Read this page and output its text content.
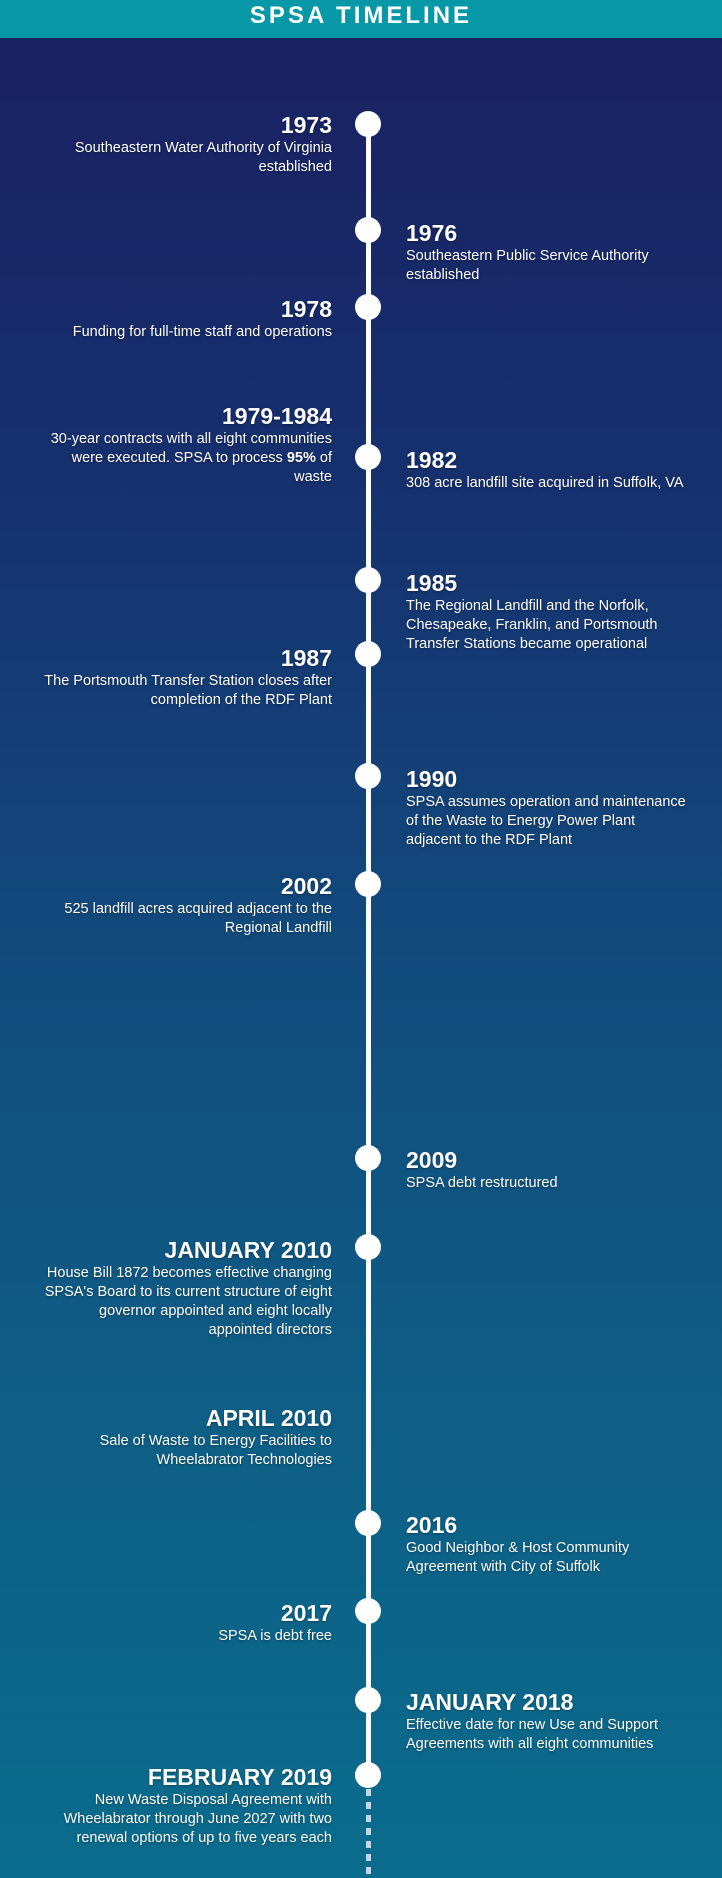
SPSA TIMELINE
1973
Southeastern Water Authority of Virginia established
1976
Southeastern Public Service Authority established
1978
Funding for full-time staff and operations
1979-1984
30-year contracts with all eight communities were executed. SPSA to process 95% of waste
1982
308 acre landfill site acquired in Suffolk, VA
1985
The Regional Landfill and the Norfolk, Chesapeake, Franklin, and Portsmouth Transfer Stations became operational
1987
The Portsmouth Transfer Station closes after completion of the RDF Plant
1990
SPSA assumes operation and maintenance of the Waste to Energy Power Plant adjacent to the RDF Plant
2002
525 landfill acres acquired adjacent to the Regional Landfill
2009
SPSA debt restructured
JANUARY 2010
House Bill 1872 becomes effective changing SPSA's Board to its current structure of eight governor appointed and eight locally appointed directors
APRIL 2010
Sale of Waste to Energy Facilities to Wheelabrator Technologies
2016
Good Neighbor & Host Community Agreement with City of Suffolk
2017
SPSA is debt free
JANUARY 2018
Effective date for new Use and Support Agreements with all eight communities
FEBRUARY 2019
New Waste Disposal Agreement with Wheelabrator through June 2027 with two renewal options of up to five years each
